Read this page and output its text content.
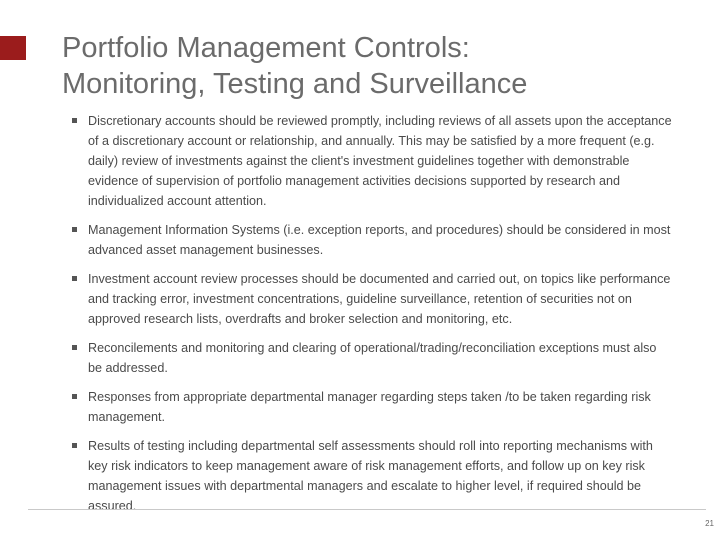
Portfolio Management Controls:
Monitoring, Testing and Surveillance
Discretionary accounts should be reviewed promptly, including reviews of all assets upon the acceptance of a discretionary account or relationship, and annually. This may be satisfied by a more frequent (e.g. daily) review of investments against the client's investment guidelines together with demonstrable evidence of supervision of portfolio management activities decisions supported by research and individualized account attention.
Management Information Systems (i.e. exception reports, and procedures) should be considered in most advanced asset management businesses.
Investment account review processes should be documented and carried out, on topics like performance and tracking error, investment concentrations, guideline surveillance, retention of securities not on approved research lists, overdrafts and broker selection and monitoring, etc.
Reconcilements and monitoring and clearing of operational/trading/reconciliation exceptions must also be addressed.
Responses from appropriate departmental manager regarding steps taken /to be taken regarding risk management.
Results of testing including departmental self assessments should roll into reporting mechanisms with key risk indicators to keep management aware of risk management efforts, and follow up on key risk management issues with departmental managers and escalate to higher level, if required should be assured.
21
